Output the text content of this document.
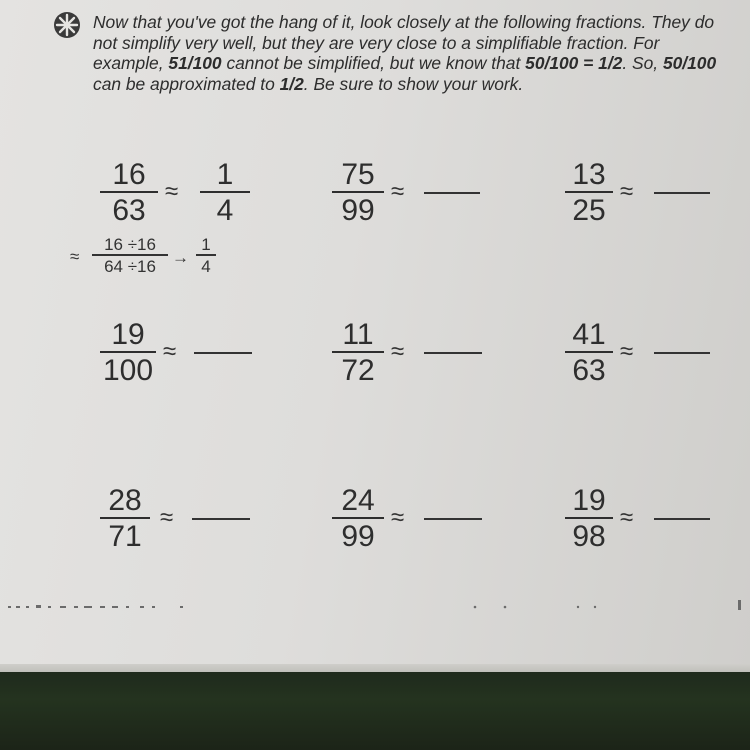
Now that you've got the hang of it, look closely at the following fractions. They do not simplify very well, but they are very close to a simplifiable fraction. For example, 51/100 cannot be simplified, but we know that 50/100 = 1/2. So, 50/100 can be approximated to 1/2. Be sure to show your work.
16
63
≈
1
4
75
99
≈
13
25
≈
≈
16 ÷16
64 ÷16 →
1
4
19
100
≈
11
72
≈
41
63
≈
28
71
≈
24
99
≈
19
98
≈
